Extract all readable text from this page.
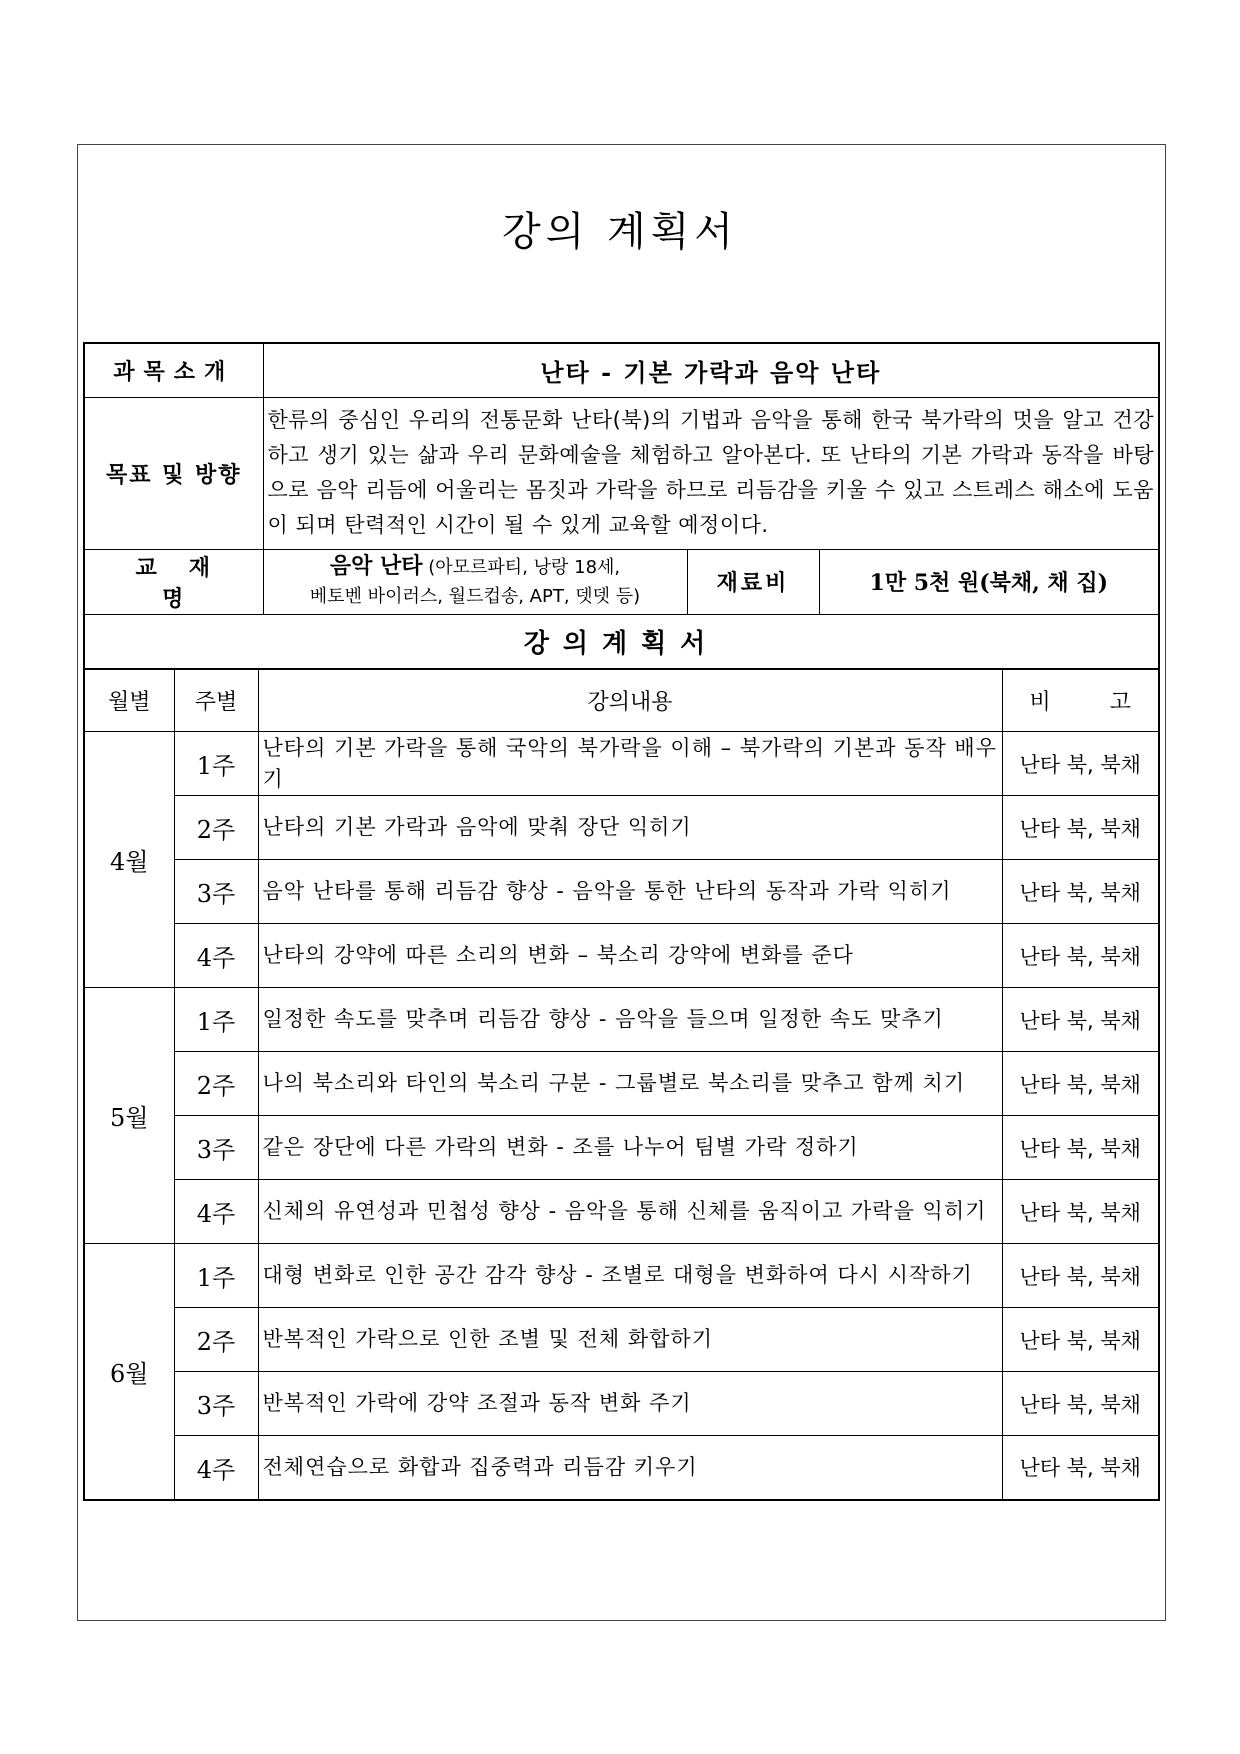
강의 계획서
과목소개	난타 - 기본 가락과 음악 난타		
목표 및 방향	한류의 중심인 우리의 전통문화 난타(북)의 기법과 음악을 통해 한국 북가락의 멋을 알고 건강하고 생기 있는 삶과 우리 문화예술을 체험하고 알아본다. 또 난타의 기본 가락과 동작을 바탕으로 음악 리듬에 어울리는 몸짓과 가락을 하므로 리듬감을 키울 수 있고 스트레스 해소에 도움이 되며 탄력적인 시간이 될 수 있게 교육할 예정이다.		
교재명	음악 난타 (아모르파티, 낭랑 18세,
베토벤 바이러스, 월드컵송, APT, 뎃뎃 등)	재료비	1만 5천 원(북채, 채 집)
강의계획서			
월별	주별	강의내용	비 고
4월	1주	난타의 기본 가락을 통해 국악의 북가락을 이해 – 북가락의 기본과 동작 배우기	난타 북, 북채
	2주	난타의 기본 가락과 음악에 맞춰 장단 익히기	난타 북, 북채
	3주	음악 난타를 통해 리듬감 향상 - 음악을 통한 난타의 동작과 가락 익히기	난타 북, 북채
	4주	난타의 강약에 따른 소리의 변화 – 북소리 강약에 변화를 준다	난타 북, 북채
5월	1주	일정한 속도를 맞추며 리듬감 향상 - 음악을 들으며 일정한 속도 맞추기	난타 북, 북채
	2주	나의 북소리와 타인의 북소리 구분 - 그룹별로 북소리를 맞추고 함께 치기	난타 북, 북채
	3주	같은 장단에 다른 가락의 변화 - 조를 나누어 팀별 가락 정하기	난타 북, 북채
	4주	신체의 유연성과 민첩성 향상 - 음악을 통해 신체를 움직이고 가락을 익히기	난타 북, 북채
6월	1주	대형 변화로 인한 공간 감각 향상 - 조별로 대형을 변화하여 다시 시작하기	난타 북, 북채
	2주	반복적인 가락으로 인한 조별 및 전체 화합하기	난타 북, 북채
	3주	반복적인 가락에 강약 조절과 동작 변화 주기	난타 북, 북채
	4주	전체연습으로 화합과 집중력과 리듬감 키우기	난타 북, 북채
